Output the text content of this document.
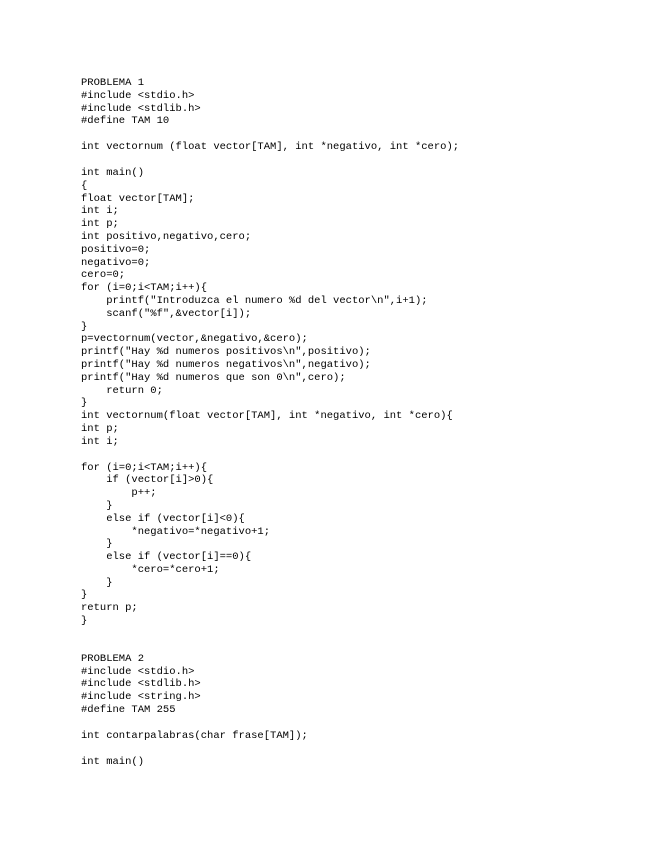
PROBLEMA 1
#include <stdio.h>
#include <stdlib.h>
#define TAM 10
int vectornum (float vector[TAM], int *negativo, int *cero);
int main()
{
float vector[TAM];
int i;
int p;
int positivo,negativo,cero;
positivo=0;
negativo=0;
cero=0;
for (i=0;i<TAM;i++){
printf("Introduzca el numero %d del vector\n",i+1);
scanf("%f",&vector[i]);
}
p=vectornum(vector,&negativo,&cero);
printf("Hay %d numeros positivos\n",positivo);
printf("Hay %d numeros negativos\n",negativo);
printf("Hay %d numeros que son 0\n",cero);
return 0;
}
int vectornum(float vector[TAM], int *negativo, int *cero){
int p;
int i;
for (i=0;i<TAM;i++){
if (vector[i]>0){
p++;
}
else if (vector[i]<0){
*negativo=*negativo+1;
}
else if (vector[i]==0){
*cero=*cero+1;
}
}
return p;
}
PROBLEMA 2
#include <stdio.h>
#include <stdlib.h>
#include <string.h>
#define TAM 255
int contarpalabras(char frase[TAM]);
int main()
